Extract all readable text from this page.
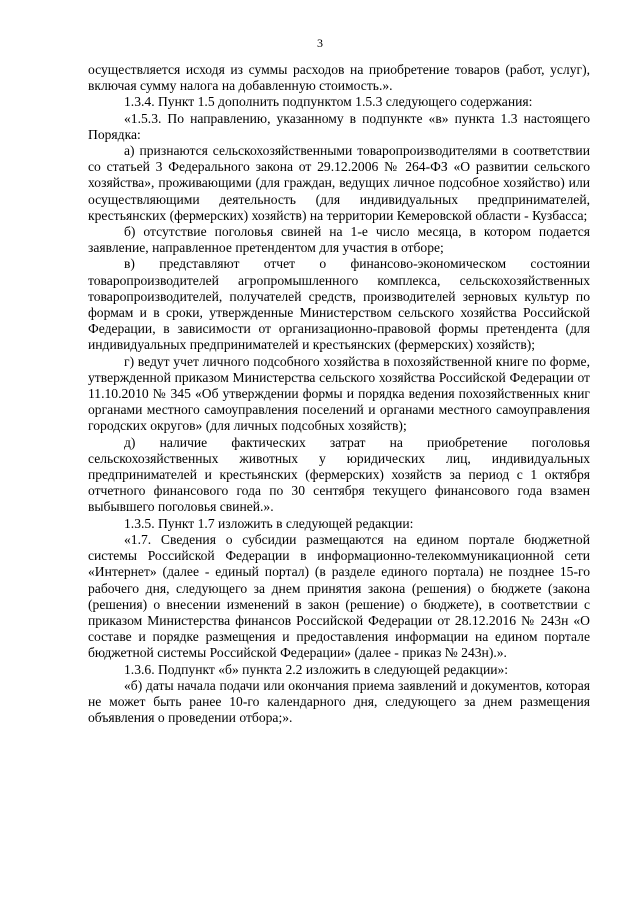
3

осуществляется исходя из суммы расходов на приобретение товаров (работ, услуг), включая сумму налога на добавленную стоимость.».

1.3.4. Пункт 1.5 дополнить подпунктом 1.5.3 следующего содержания:

«1.5.3. По направлению, указанному в подпункте «в» пункта 1.3 настоящего Порядка:

а) признаются сельскохозяйственными товаропроизводителями в соответствии со статьей 3 Федерального закона от 29.12.2006 № 264-ФЗ «О развитии сельского хозяйства», проживающими (для граждан, ведущих личное подсобное хозяйство) или осуществляющими деятельность (для индивидуальных предпринимателей, крестьянских (фермерских) хозяйств) на территории Кемеровской области - Кузбасса;

б) отсутствие поголовья свиней на 1-е число месяца, в котором подается заявление, направленное претендентом для участия в отборе;

в) представляют отчет о финансово-экономическом состоянии товаропроизводителей агропромышленного комплекса, сельскохозяйственных товаропроизводителей, получателей средств, производителей зерновых культур по формам и в сроки, утвержденные Министерством сельского хозяйства Российской Федерации, в зависимости от организационно-правовой формы претендента (для индивидуальных предпринимателей и крестьянских (фермерских) хозяйств);

г) ведут учет личного подсобного хозяйства в похозяйственной книге по форме, утвержденной приказом Министерства сельского хозяйства Российской Федерации от 11.10.2010 № 345 «Об утверждении формы и порядка ведения похозяйственных книг органами местного самоуправления поселений и органами местного самоуправления городских округов» (для личных подсобных хозяйств);

д) наличие фактических затрат на приобретение поголовья сельскохозяйственных животных у юридических лиц, индивидуальных предпринимателей и крестьянских (фермерских) хозяйств за период с 1 октября отчетного финансового года по 30 сентября текущего финансового года взамен выбывшего поголовья свиней.».

1.3.5. Пункт 1.7 изложить в следующей редакции:

«1.7. Сведения о субсидии размещаются на едином портале бюджетной системы Российской Федерации в информационно-телекоммуникационной сети «Интернет» (далее - единый портал) (в разделе единого портала) не позднее 15-го рабочего дня, следующего за днем принятия закона (решения) о бюджете (закона (решения) о внесении изменений в закон (решение) о бюджете), в соответствии с приказом Министерства финансов Российской Федерации от 28.12.2016 № 243н «О составе и порядке размещения и предоставления информации на едином портале бюджетной системы Российской Федерации» (далее - приказ № 243н).».

1.3.6. Подпункт «б» пункта 2.2 изложить в следующей редакции»:

«б) даты начала подачи или окончания приема заявлений и документов, которая не может быть ранее 10-го календарного дня, следующего за днем размещения объявления о проведении отбора;».
